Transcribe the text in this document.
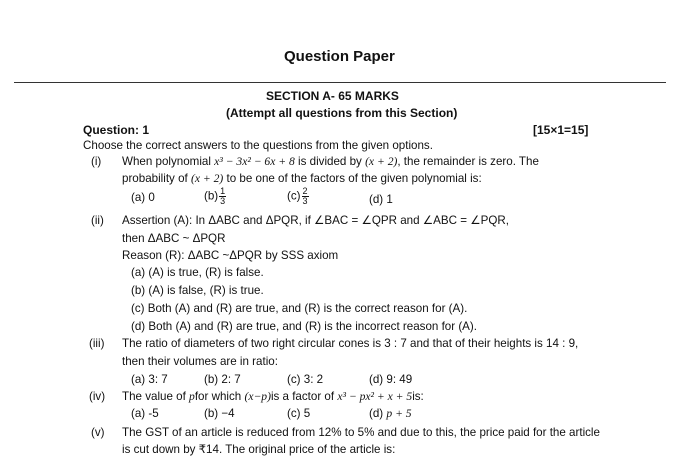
Question Paper
SECTION A- 65 MARKS
(Attempt all questions from this Section)
Question: 1	[15×1=15]
Choose the correct answers to the questions from the given options.
(i) When polynomial x³ − 3x² − 6x + 8 is divided by (x + 2), the remainder is zero. The
probability of (x + 2) to be one of the factors of the given polynomial is:
(a) 0	$(b) \frac{1}{3}$	$(c) \frac{2}{3}$	(d) 1
(ii) Assertion (A): In ΔABC and ΔPQR, if ∠BAC = ∠QPR and ∠ABC = ∠PQR,
then ΔABC ~ ΔPQR
Reason (R): ΔABC ~ΔPQR by SSS axiom
(a) (A) is true, (R) is false.
(b) (A) is false, (R) is true.
(c) Both (A) and (R) are true, and (R) is the correct reason for (A).
(d) Both (A) and (R) are true, and (R) is the incorrect reason for (A).
(iii) The ratio of diameters of two right circular cones is 3 : 7 and that of their heights is 14 : 9,
then their volumes are in ratio:
(a) 3: 7	(b) 2: 7	(c) 3: 2	(d) 9: 49
(iv) The value of pfor which (x−p)is a factor of x³ − px² + x + 5is:
(a) -5	(b) −4	(c) 5	(d) p + 5
(v) The GST of an article is reduced from 12% to 5% and due to this, the price paid for the article
is cut down by ₹14. The original price of the article is:
